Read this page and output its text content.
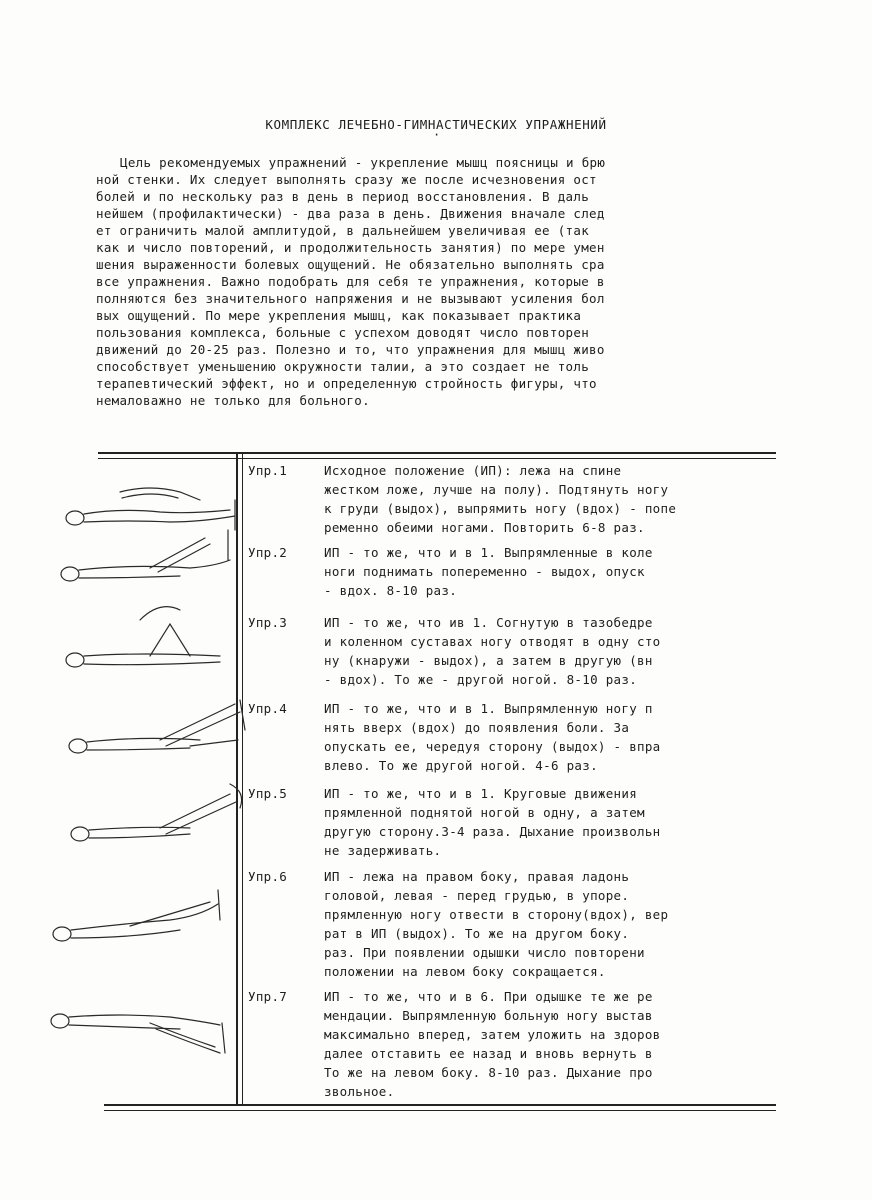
КОМПЛЕКС ЛЕЧЕБНО-ГИМНАСТИЧЕСКИХ УПРАЖНЕНИЙ
·
Цель рекомендуемых упражнений - укрепление мышц поясницы и брю
ной стенки. Их следует выполнять сразу же после исчезновения ост
болей и по нескольку раз в день в период восстановления. В даль
нейшем (профилактически) - два раза в день. Движения вначале след
ет ограничить малой амплитудой, в дальнейшем увеличивая ее (так
как и число повторений, и продолжительность занятия) по мере умен
шения выраженности болевых ощущений. Не обязательно выполнять сра
все упражнения. Важно подобрать для себя те упражнения, которые в
полняются без значительного напряжения и не вызывают усиления бол
вых ощущений. По мере укрепления мышц, как показывает практика
пользования комплекса, больные с успехом доводят число повторен
движений до 20-25 раз. Полезно и то, что упражнения для мышц живо
способствует уменьшению окружности талии, а это создает не толь
терапевтический эффект, но и определенную стройность фигуры, что
немаловажно не только для больного.
Упр.1	Исходное положение (ИП): лежа на спине
жестком ложе, лучше на полу). Подтянуть ногу
к груди (выдох), выпрямить ногу (вдох) - попе
ременно обеими ногами. Повторить 6-8 раз.
Упр.2	ИП - то же, что и в 1. Выпрямленные в коле
ноги поднимать попеременно - выдох, опуск
- вдох. 8-10 раз.
Упр.3	ИП - то же, что ив 1. Согнутую в тазобедре
и коленном суставах ногу отводят в одну сто
ну (кнаружи - выдох), а затем в другую (вн
- вдох). То же - другой ногой. 8-10 раз.
Упр.4	ИП - то же, что и в 1. Выпрямленную ногу п
нять вверх (вдох) до появления боли. За
опускать ее, чередуя сторону (выдох) - впра
влево. То же другой ногой. 4-6 раз.
Упр.5	ИП - то же, что и в 1. Круговые движения
прямленной поднятой ногой в одну, а затем
другую сторону.3-4 раза. Дыхание произвольн
не задерживать.
Упр.6	ИП - лежа на правом боку, правая ладонь
головой, левая - перед грудью, в упоре.
прямленную ногу отвести в сторону(вдох), вер
рат в ИП (выдох). То же на другом боку.
раз. При появлении одышки число повторени
положении на левом боку сокращается.
Упр.7	ИП - то же, что и в 6. При одышке те же ре
мендации. Выпрямленную больную ногу выстав
максимально вперед, затем уложить на здоров
далее отставить ее назад и вновь вернуть в
То же на левом боку. 8-10 раз. Дыхание про
звольное.
